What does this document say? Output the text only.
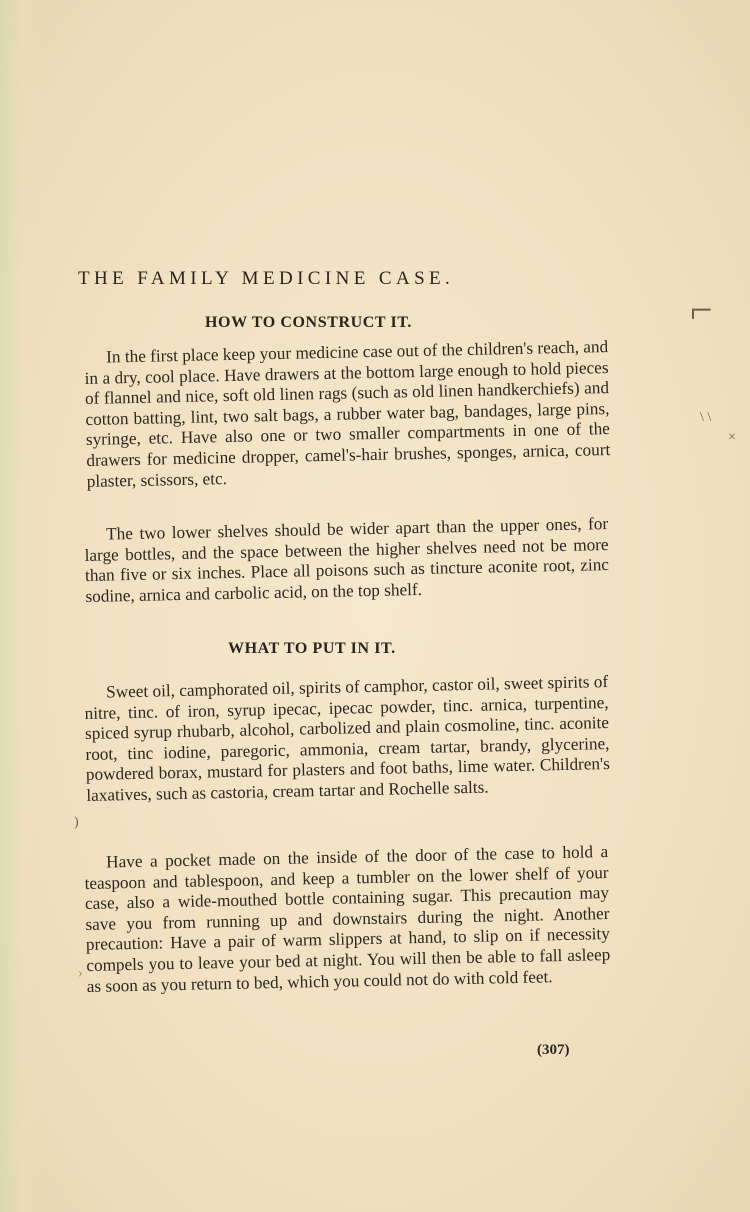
THE FAMILY MEDICINE CASE.
HOW TO CONSTRUCT IT.

In the first place keep your medicine case out of the children's reach, and in a dry, cool place. Have drawers at the bottom large enough to hold pieces of flannel and nice, soft old linen rags (such as old linen handkerchiefs) and cotton batting, lint, two salt bags, a rubber water bag, bandages, large pins, syringe, etc. Have also one or two smaller compartments in one of the drawers for medicine dropper, camel's-hair brushes, sponges, arnica, court plaster, scissors, etc.

The two lower shelves should be wider apart than the upper ones, for large bottles, and the space between the higher shelves need not be more than five or six inches. Place all poisons such as tincture aconite root, zinc sodine, arnica and carbolic acid, on the top shelf.

WHAT TO PUT IN IT.

Sweet oil, camphorated oil, spirits of camphor, castor oil, sweet spirits of nitre, tinc. of iron, syrup ipecac, ipecac powder, tinc. arnica, turpentine, spiced syrup rhubarb, alcohol, carbolized and plain cosmoline, tinc. aconite root, tinc iodine, paregoric, ammonia, cream tartar, brandy, glycerine, powdered borax, mustard for plasters and foot baths, lime water. Children's laxatives, such as castoria, cream tartar and Rochelle salts.

Have a pocket made on the inside of the door of the case to hold a teaspoon and tablespoon, and keep a tumbler on the lower shelf of your case, also a wide-mouthed bottle containing sugar. This precaution may save you from running up and downstairs during the night. Another precaution: Have a pair of warm slippers at hand, to slip on if necessity compels you to leave your bed at night. You will then be able to fall asleep as soon as you return to bed, which you could not do with cold feet.

(307)
⌐
\ \
×
)
›
